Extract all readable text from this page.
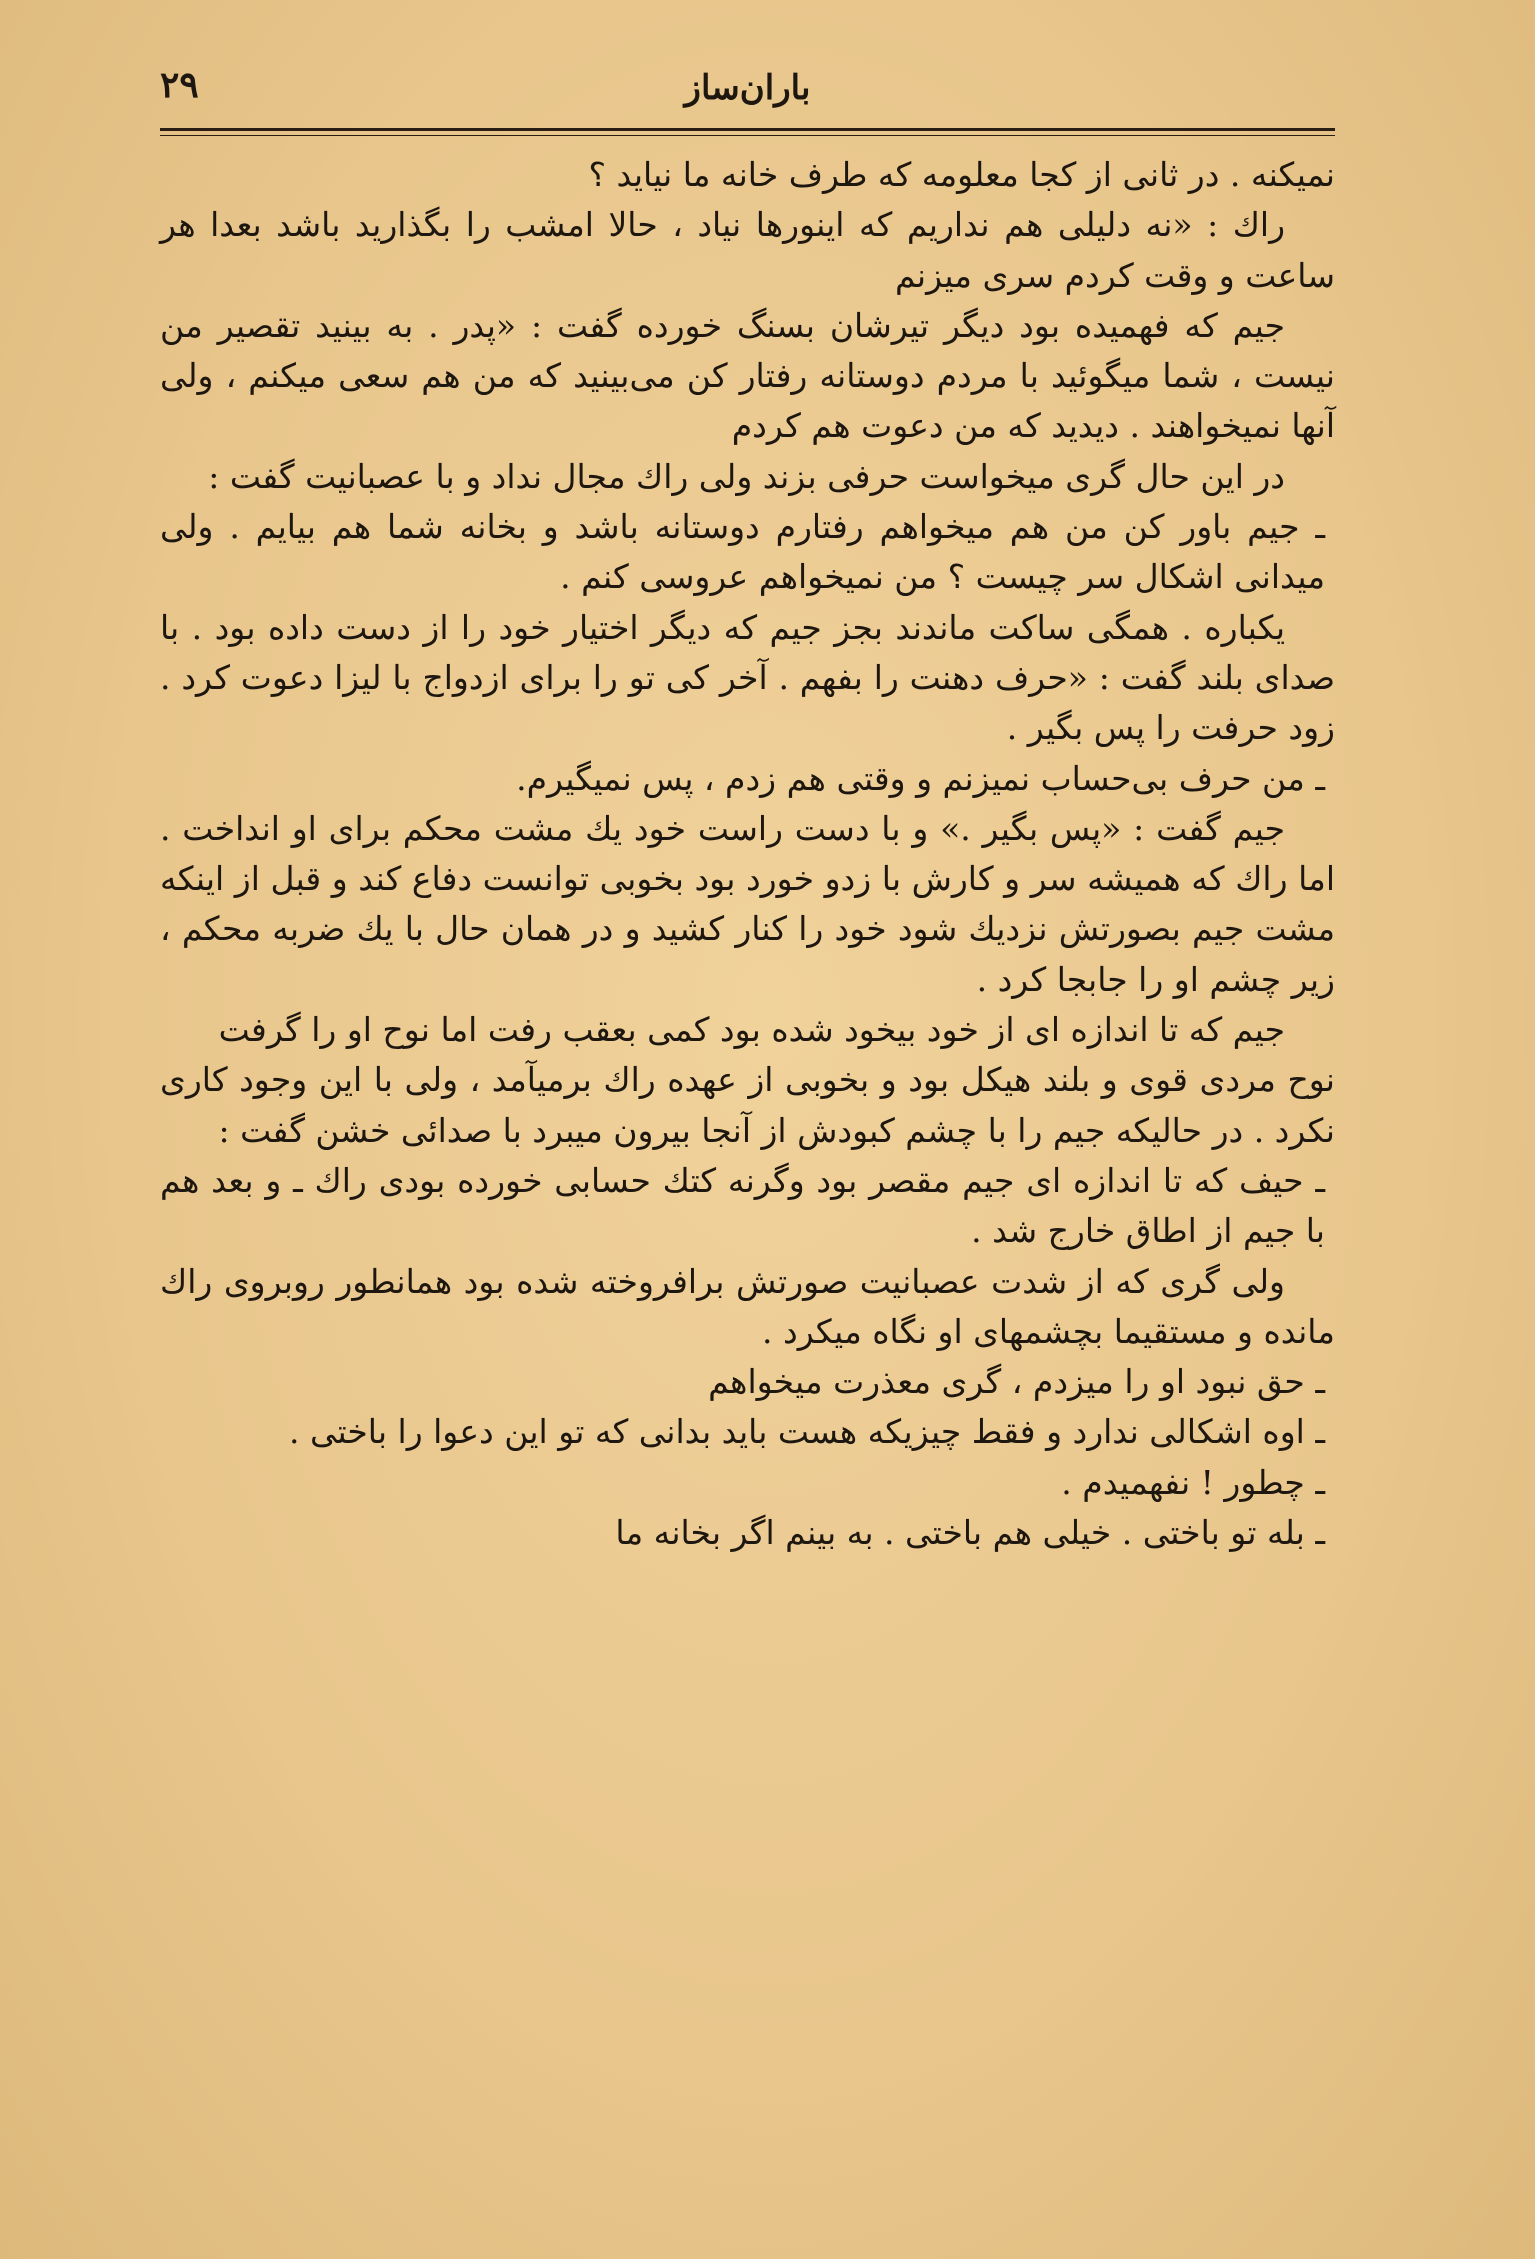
باران‌ساز
۲۹

نمیکنه . در ثانی از کجا معلومه که طرف خانه ما نیاید ؟

راك : «نه دلیلی هم نداریم که اینورها نیاد ، حالا امشب را بگذارید باشد بعدا هر ساعت و وقت کردم سری میزنم

جیم که فهمیده بود دیگر تیرشان بسنگ خورده گفت : «پدر . به بینید تقصیر من نیست ، شما میگوئید با مردم دوستانه رفتار کن می‌بینید که من هم سعی میکنم ، ولی آنها نمیخواهند . دیدید که من دعوت هم کردم

در این حال گری میخواست حرفی بزند ولی راك مجال نداد و با عصبانیت گفت :

ـ جیم باور کن من هم میخواهم رفتارم دوستانه باشد و بخانه شما هم بیایم . ولی میدانی اشکال سر چیست ؟ من نمیخواهم عروسی کنم .

یکباره . همگی ساکت ماندند بجز جیم که دیگر اختیار خود را از دست داده بود . با صدای بلند گفت : «حرف دهنت را بفهم . آخر کی تو را برای ازدواج با لیزا دعوت کرد . زود حرفت را پس بگیر .

ـ من حرف بی‌حساب نمیزنم و وقتی هم زدم ، پس نمیگیرم.

جیم گفت : «پس بگیر .» و با دست راست خود یك مشت محکم برای او انداخت . اما راك که همیشه سر و کارش با زدو خورد بود بخوبی توانست دفاع کند و قبل از اینکه مشت جیم بصورتش نزدیك شود خود را کنار کشید و در همان حال با یك ضربه محکم ، زیر چشم او را جابجا کرد .

جیم که تا اندازه ای از خود بیخود شده بود کمی بعقب رفت اما نوح او را گرفت

نوح مردی قوی و بلند هیکل بود و بخوبی از عهده راك برمیآمد ، ولی با این وجود کاری نکرد . در حالیکه جیم را با چشم کبودش از آنجا بیرون میبرد با صدائی خشن گفت :

ـ حیف که تا اندازه ای جیم مقصر بود وگرنه کتك حسابی خورده بودی راك ـ و بعد هم با جیم از اطاق خارج شد .

ولی گری که از شدت عصبانیت صورتش برافروخته شده بود همانطور روبروی راك مانده و مستقیما بچشمهای او نگاه میکرد .

ـ حق نبود او را میزدم ، گری معذرت میخواهم

ـ اوه اشکالی ندارد و فقط چیزیکه هست باید بدانی که تو این دعوا را باختی .

ـ چطور ! نفهمیدم .

ـ بله تو باختی . خیلی هم باختی . به بینم اگر بخانه ما
